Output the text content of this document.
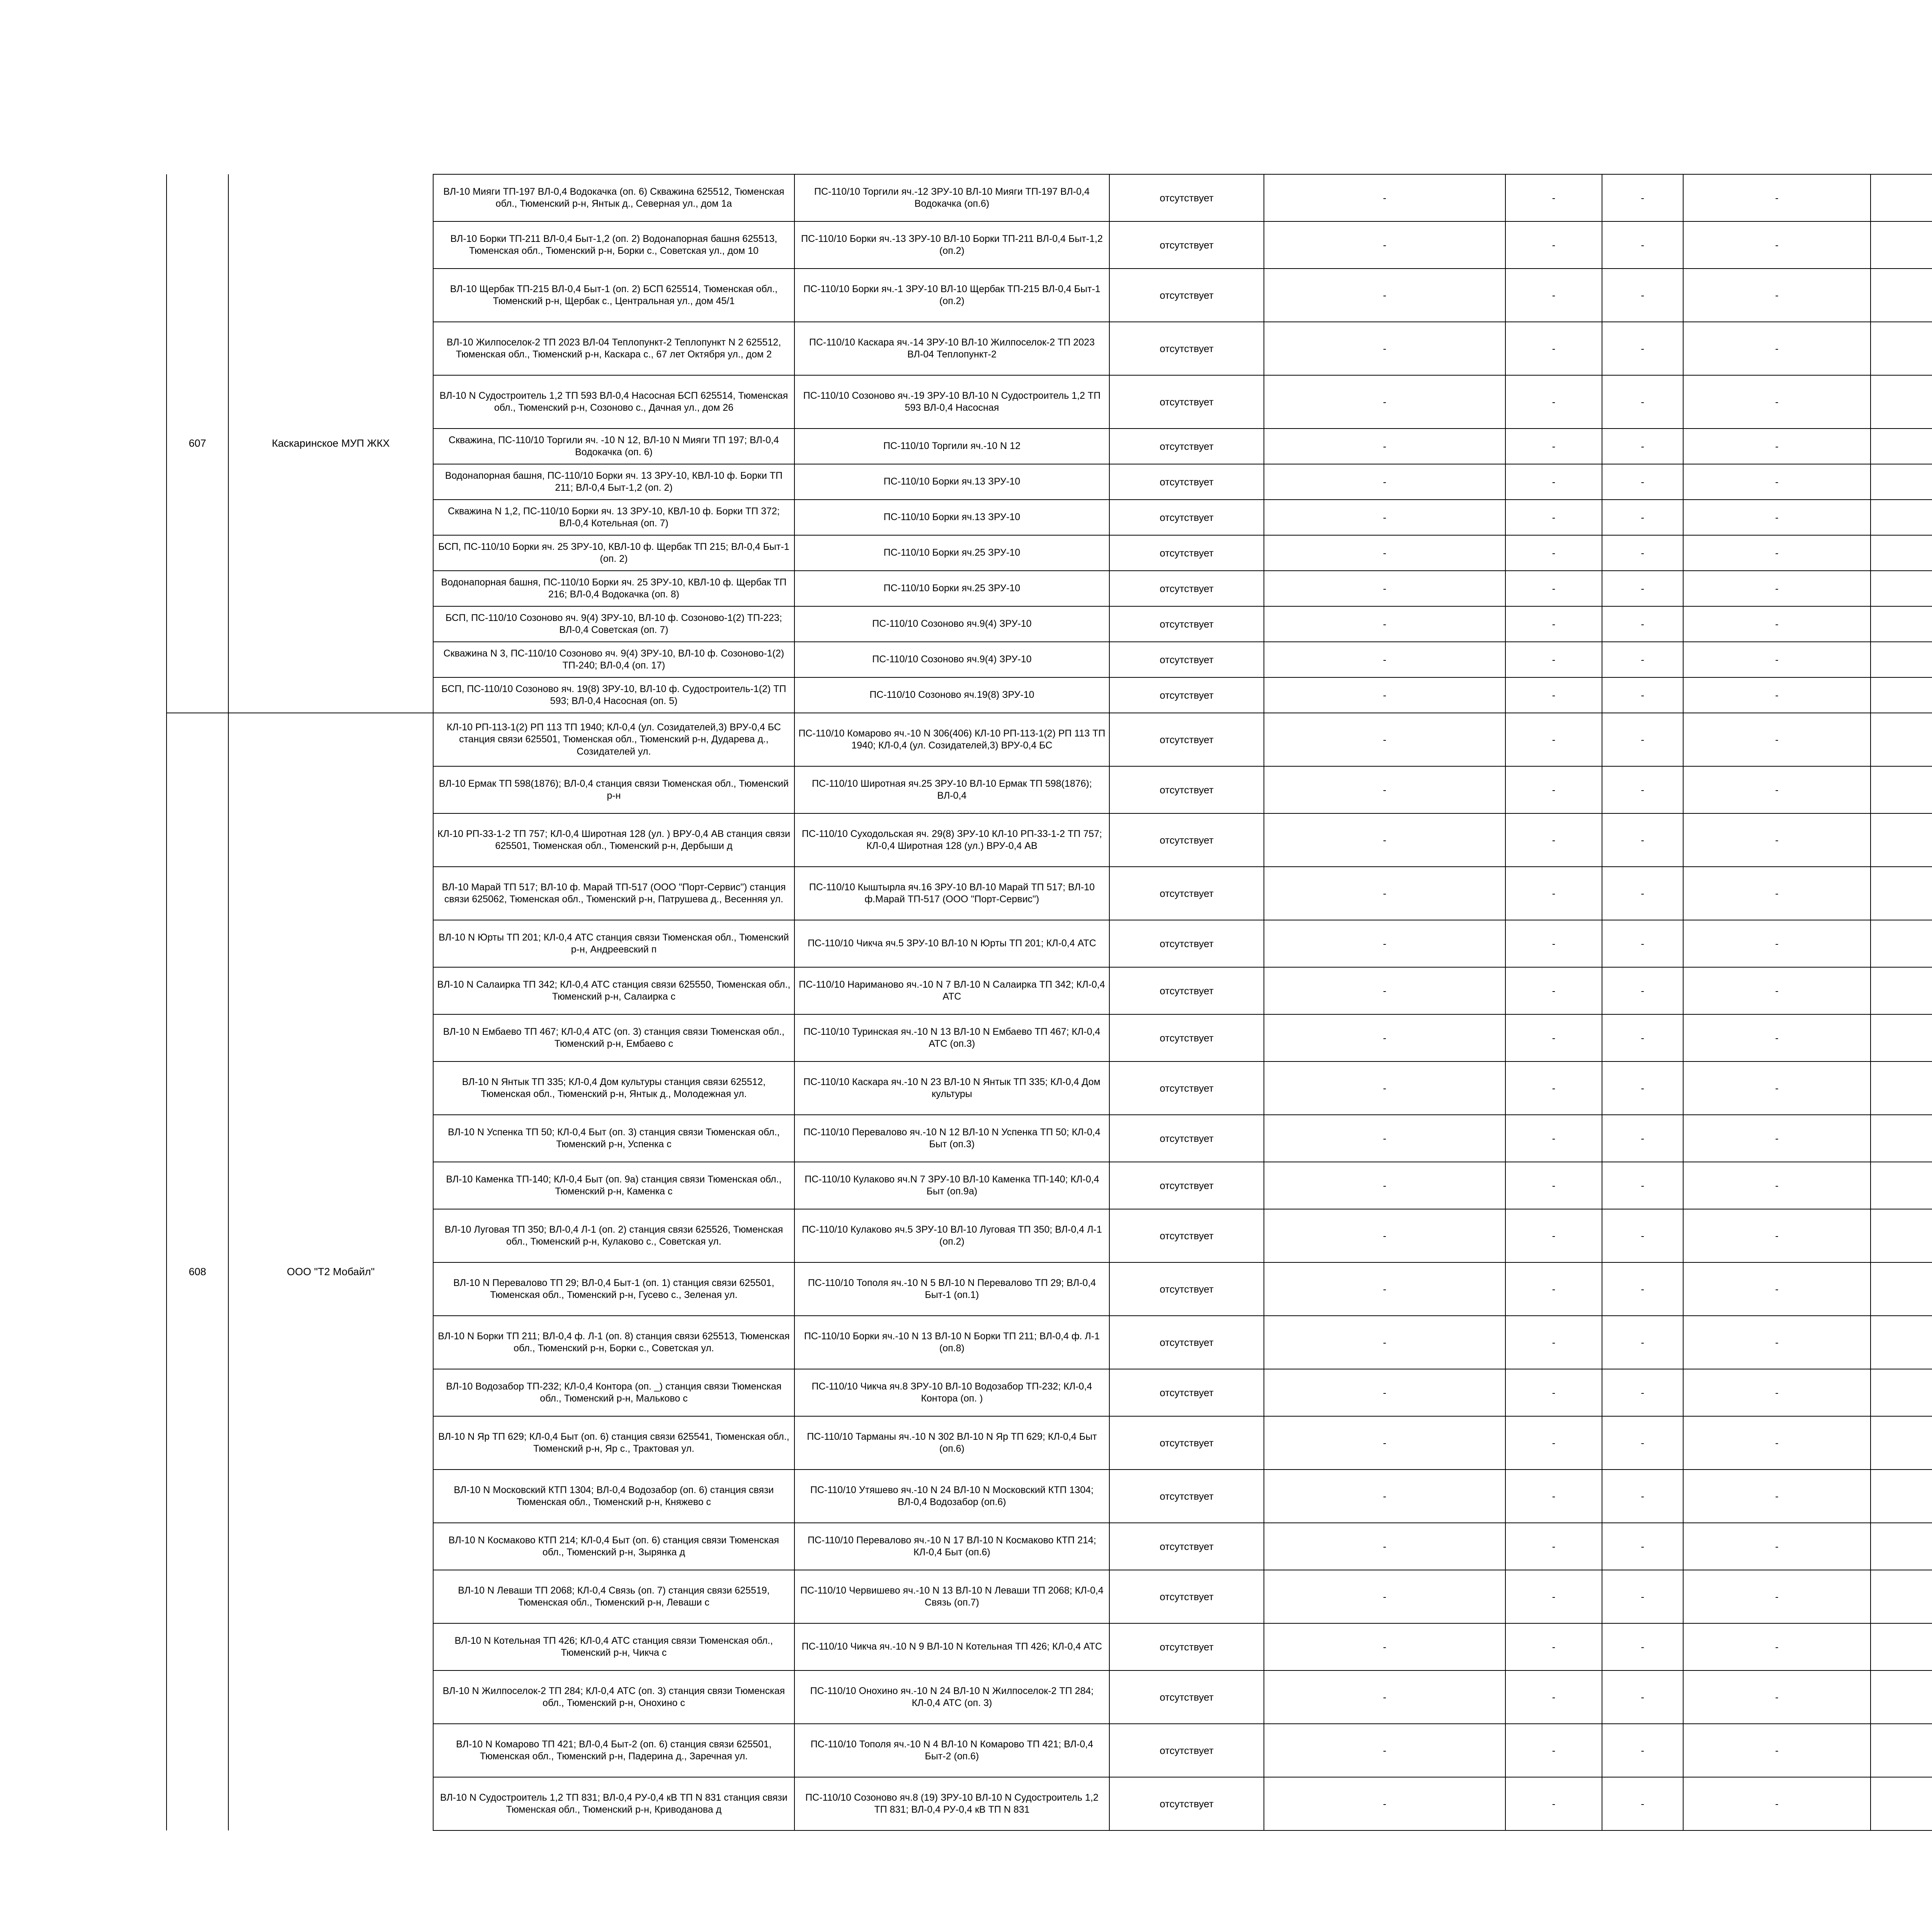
607	Каскаринское МУП ЖКХ	ВЛ-10 Мияги ТП-197 ВЛ-0,4 Водокачка (оп. 6) Скважина 625512, Тюменская обл., Тюменский р-н, Янтык д., Северная ул., дом 1а	ПС-110/10 Торгили яч.-12 ЗРУ-10 ВЛ-10 Мияги ТП-197 ВЛ-0,4 Водокачка (оп.6)	отсутствует	-	-	-	-		
		ВЛ-10 Борки ТП-211 ВЛ-0,4 Быт-1,2 (оп. 2) Водонапорная башня 625513, Тюменская обл., Тюменский р-н, Борки с., Советская ул., дом 10	ПС-110/10 Борки яч.-13 ЗРУ-10 ВЛ-10 Борки ТП-211 ВЛ-0,4 Быт-1,2 (оп.2)	отсутствует	-	-	-	-		
		ВЛ-10 Щербак ТП-215 ВЛ-0,4 Быт-1 (оп. 2) БСП 625514, Тюменская обл., Тюменский р-н, Щербак с., Центральная ул., дом 45/1	ПС-110/10 Борки яч.-1 ЗРУ-10 ВЛ-10 Щербак ТП-215 ВЛ-0,4 Быт-1 (оп.2)	отсутствует	-	-	-	-		
		ВЛ-10 Жилпоселок-2 ТП 2023 ВЛ-04 Теплопункт-2 Теплопункт N 2 625512, Тюменская обл., Тюменский р-н, Каскара с., 67 лет Октября ул., дом 2	ПС-110/10 Каскара яч.-14 ЗРУ-10 ВЛ-10 Жилпоселок-2 ТП 2023 ВЛ-04 Теплопункт-2	отсутствует	-	-	-	-		
		ВЛ-10 N Судостроитель 1,2 ТП 593 ВЛ-0,4 Насосная БСП 625514, Тюменская обл., Тюменский р-н, Созоново с., Дачная ул., дом 26	ПС-110/10 Созоново яч.-19 ЗРУ-10 ВЛ-10 N Судостроитель 1,2 ТП 593 ВЛ-0,4 Насосная	отсутствует	-	-	-	-		
		Скважина, ПС-110/10 Торгили яч. -10 N 12, ВЛ-10 N Мияги ТП 197; ВЛ-0,4 Водокачка (оп. 6)	ПС-110/10 Торгили яч.-10 N 12	отсутствует	-	-	-	-		
		Водонапорная башня, ПС-110/10 Борки яч. 13 ЗРУ-10, КВЛ-10 ф. Борки ТП 211; ВЛ-0,4 Быт-1,2 (оп. 2)	ПС-110/10 Борки яч.13 ЗРУ-10	отсутствует	-	-	-	-		
		Скважина N 1,2, ПС-110/10 Борки яч. 13 ЗРУ-10, КВЛ-10 ф. Борки ТП 372; ВЛ-0,4 Котельная (оп. 7)	ПС-110/10 Борки яч.13 ЗРУ-10	отсутствует	-	-	-	-		
		БСП, ПС-110/10 Борки яч. 25 ЗРУ-10, КВЛ-10 ф. Щербак ТП 215; ВЛ-0,4 Быт-1 (оп. 2)	ПС-110/10 Борки яч.25 ЗРУ-10	отсутствует	-	-	-	-		
		Водонапорная башня, ПС-110/10 Борки яч. 25 ЗРУ-10, КВЛ-10 ф. Щербак ТП 216; ВЛ-0,4 Водокачка (оп. 8)	ПС-110/10 Борки яч.25 ЗРУ-10	отсутствует	-	-	-	-		
		БСП, ПС-110/10 Созоново яч. 9(4) ЗРУ-10, ВЛ-10 ф. Созоново-1(2) ТП-223; ВЛ-0,4 Советская (оп. 7)	ПС-110/10 Созоново яч.9(4) ЗРУ-10	отсутствует	-	-	-	-		
		Скважина N 3, ПС-110/10 Созоново яч. 9(4) ЗРУ-10, ВЛ-10 ф. Созоново-1(2) ТП-240; ВЛ-0,4 (оп. 17)	ПС-110/10 Созоново яч.9(4) ЗРУ-10	отсутствует	-	-	-	-		
		БСП, ПС-110/10 Созоново яч. 19(8) ЗРУ-10, ВЛ-10 ф. Судостроитель-1(2) ТП 593; ВЛ-0,4 Насосная (оп. 5)	ПС-110/10 Созоново яч.19(8) ЗРУ-10	отсутствует	-	-	-	-		
608	ООО "Т2 Мобайл"	КЛ-10 РП-113-1(2) РП 113 ТП 1940; КЛ-0,4 (ул. Созидателей,3) ВРУ-0,4 БС станция связи 625501, Тюменская обл., Тюменский р-н, Дударева д., Созидателей ул.	ПС-110/10 Комарово яч.-10 N 306(406) КЛ-10 РП-113-1(2) РП 113 ТП 1940; КЛ-0,4 (ул. Созидателей,3) ВРУ-0,4 БС	отсутствует	-	-	-	-		
		ВЛ-10 Ермак ТП 598(1876); ВЛ-0,4 станция связи Тюменская обл., Тюменский р-н	ПС-110/10 Широтная яч.25 ЗРУ-10 ВЛ-10 Ермак ТП 598(1876); ВЛ-0,4	отсутствует	-	-	-	-		
		КЛ-10 РП-33-1-2 ТП 757; КЛ-0,4 Широтная 128 (ул. ) ВРУ-0,4 АВ станция связи 625501, Тюменская обл., Тюменский р-н, Дербыши д	ПС-110/10 Суходольская яч. 29(8) ЗРУ-10 КЛ-10 РП-33-1-2 ТП 757; КЛ-0,4 Широтная 128 (ул.) ВРУ-0,4 АВ	отсутствует	-	-	-	-		
		ВЛ-10 Марай ТП 517; ВЛ-10 ф. Марай ТП-517 (ООО "Порт-Сервис") станция связи 625062, Тюменская обл., Тюменский р-н, Патрушева д., Весенняя ул.	ПС-110/10 Кыштырла яч.16 ЗРУ-10 ВЛ-10 Марай ТП 517; ВЛ-10 ф.Марай ТП-517 (ООО "Порт-Сервис")	отсутствует	-	-	-	-		
		ВЛ-10 N Юрты ТП 201; КЛ-0,4 АТС станция связи Тюменская обл., Тюменский р-н, Андреевский п	ПС-110/10 Чикча яч.5 ЗРУ-10 ВЛ-10 N Юрты ТП 201; КЛ-0,4 АТС	отсутствует	-	-	-	-		
		ВЛ-10 N Салаирка ТП 342; КЛ-0,4 АТС станция связи 625550, Тюменская обл., Тюменский р-н, Салаирка с	ПС-110/10 Нариманово яч.-10 N 7 ВЛ-10 N Салаирка ТП 342; КЛ-0,4 АТС	отсутствует	-	-	-	-		
		ВЛ-10 N Ембаево ТП 467; КЛ-0,4 АТС (оп. 3) станция связи Тюменская обл., Тюменский р-н, Ембаево с	ПС-110/10 Туринская яч.-10 N 13 ВЛ-10 N Ембаево ТП 467; КЛ-0,4 АТС (оп.3)	отсутствует	-	-	-	-		
		ВЛ-10 N Янтык ТП 335; КЛ-0,4 Дом культуры станция связи 625512, Тюменская обл., Тюменский р-н, Янтык д., Молодежная ул.	ПС-110/10 Каскара яч.-10 N 23 ВЛ-10 N Янтык ТП 335; КЛ-0,4 Дом культуры	отсутствует	-	-	-	-		
		ВЛ-10 N Успенка ТП 50; КЛ-0,4 Быт (оп. 3) станция связи Тюменская обл., Тюменский р-н, Успенка с	ПС-110/10 Перевалово яч.-10 N 12 ВЛ-10 N Успенка ТП 50; КЛ-0,4 Быт (оп.3)	отсутствует	-	-	-	-		
		ВЛ-10 Каменка ТП-140; КЛ-0,4 Быт (оп. 9а) станция связи Тюменская обл., Тюменский р-н, Каменка с	ПС-110/10 Кулаково яч.N 7 ЗРУ-10 ВЛ-10 Каменка ТП-140; КЛ-0,4 Быт (оп.9а)	отсутствует	-	-	-	-		
		ВЛ-10 Луговая ТП 350; ВЛ-0,4 Л-1 (оп. 2) станция связи 625526, Тюменская обл., Тюменский р-н, Кулаково с., Советская ул.	ПС-110/10 Кулаково яч.5 ЗРУ-10 ВЛ-10 Луговая ТП 350; ВЛ-0,4 Л-1 (оп.2)	отсутствует	-	-	-	-		
		ВЛ-10 N Перевалово ТП 29; ВЛ-0,4 Быт-1 (оп. 1) станция связи 625501, Тюменская обл., Тюменский р-н, Гусево с., Зеленая ул.	ПС-110/10 Тополя яч.-10 N 5 ВЛ-10 N Перевалово ТП 29; ВЛ-0,4 Быт-1 (оп.1)	отсутствует	-	-	-	-		
		ВЛ-10 N Борки ТП 211; ВЛ-0,4 ф. Л-1 (оп. 8) станция связи 625513, Тюменская обл., Тюменский р-н, Борки с., Советская ул.	ПС-110/10 Борки яч.-10 N 13 ВЛ-10 N Борки ТП 211; ВЛ-0,4 ф. Л-1 (оп.8)	отсутствует	-	-	-	-		
		ВЛ-10 Водозабор ТП-232; КЛ-0,4 Контора (оп. _) станция связи Тюменская обл., Тюменский р-н, Мальково с	ПС-110/10 Чикча яч.8 ЗРУ-10 ВЛ-10 Водозабор ТП-232; КЛ-0,4 Контора (оп. )	отсутствует	-	-	-	-		
		ВЛ-10 N Яр ТП 629; КЛ-0,4 Быт (оп. 6) станция связи 625541, Тюменская обл., Тюменский р-н, Яр с., Трактовая ул.	ПС-110/10 Тарманы яч.-10 N 302 ВЛ-10 N Яр ТП 629; КЛ-0,4 Быт (оп.6)	отсутствует	-	-	-	-		
		ВЛ-10 N Московский КТП 1304; ВЛ-0,4 Водозабор (оп. 6) станция связи Тюменская обл., Тюменский р-н, Княжево с	ПС-110/10 Утяшево яч.-10 N 24 ВЛ-10 N Московский КТП 1304; ВЛ-0,4 Водозабор (оп.6)	отсутствует	-	-	-	-		
		ВЛ-10 N Космаково КТП 214; КЛ-0,4 Быт (оп. 6) станция связи Тюменская обл., Тюменский р-н, Зырянка д	ПС-110/10 Перевалово яч.-10 N 17 ВЛ-10 N Космаково КТП 214; КЛ-0,4 Быт (оп.6)	отсутствует	-	-	-	-		
		ВЛ-10 N Леваши ТП 2068; КЛ-0,4 Связь (оп. 7) станция связи 625519, Тюменская обл., Тюменский р-н, Леваши с	ПС-110/10 Червишево яч.-10 N 13 ВЛ-10 N Леваши ТП 2068; КЛ-0,4 Связь (оп.7)	отсутствует	-	-	-	-		
		ВЛ-10 N Котельная ТП 426; КЛ-0,4 АТС станция связи Тюменская обл., Тюменский р-н, Чикча с	ПС-110/10 Чикча яч.-10 N 9 ВЛ-10 N Котельная ТП 426; КЛ-0,4 АТС	отсутствует	-	-	-	-		
		ВЛ-10 N Жилпоселок-2 ТП 284; КЛ-0,4 АТС (оп. 3) станция связи Тюменская обл., Тюменский р-н, Онохино с	ПС-110/10 Онохино яч.-10 N 24 ВЛ-10 N Жилпоселок-2 ТП 284; КЛ-0,4 АТС (оп. 3)	отсутствует	-	-	-	-		
		ВЛ-10 N Комарово ТП 421; ВЛ-0,4 Быт-2 (оп. 6) станция связи 625501, Тюменская обл., Тюменский р-н, Падерина д., Заречная ул.	ПС-110/10 Тополя яч.-10 N 4 ВЛ-10 N Комарово ТП 421; ВЛ-0,4 Быт-2 (оп.6)	отсутствует	-	-	-	-		
		ВЛ-10 N Судостроитель 1,2 ТП 831; ВЛ-0,4 РУ-0,4 кВ ТП N 831 станция связи Тюменская обл., Тюменский р-н, Криводанова д	ПС-110/10 Созоново яч.8 (19) ЗРУ-10 ВЛ-10 N Судостроитель 1,2 ТП 831; ВЛ-0,4 РУ-0,4 кВ ТП N 831	отсутствует	-	-	-	-		
